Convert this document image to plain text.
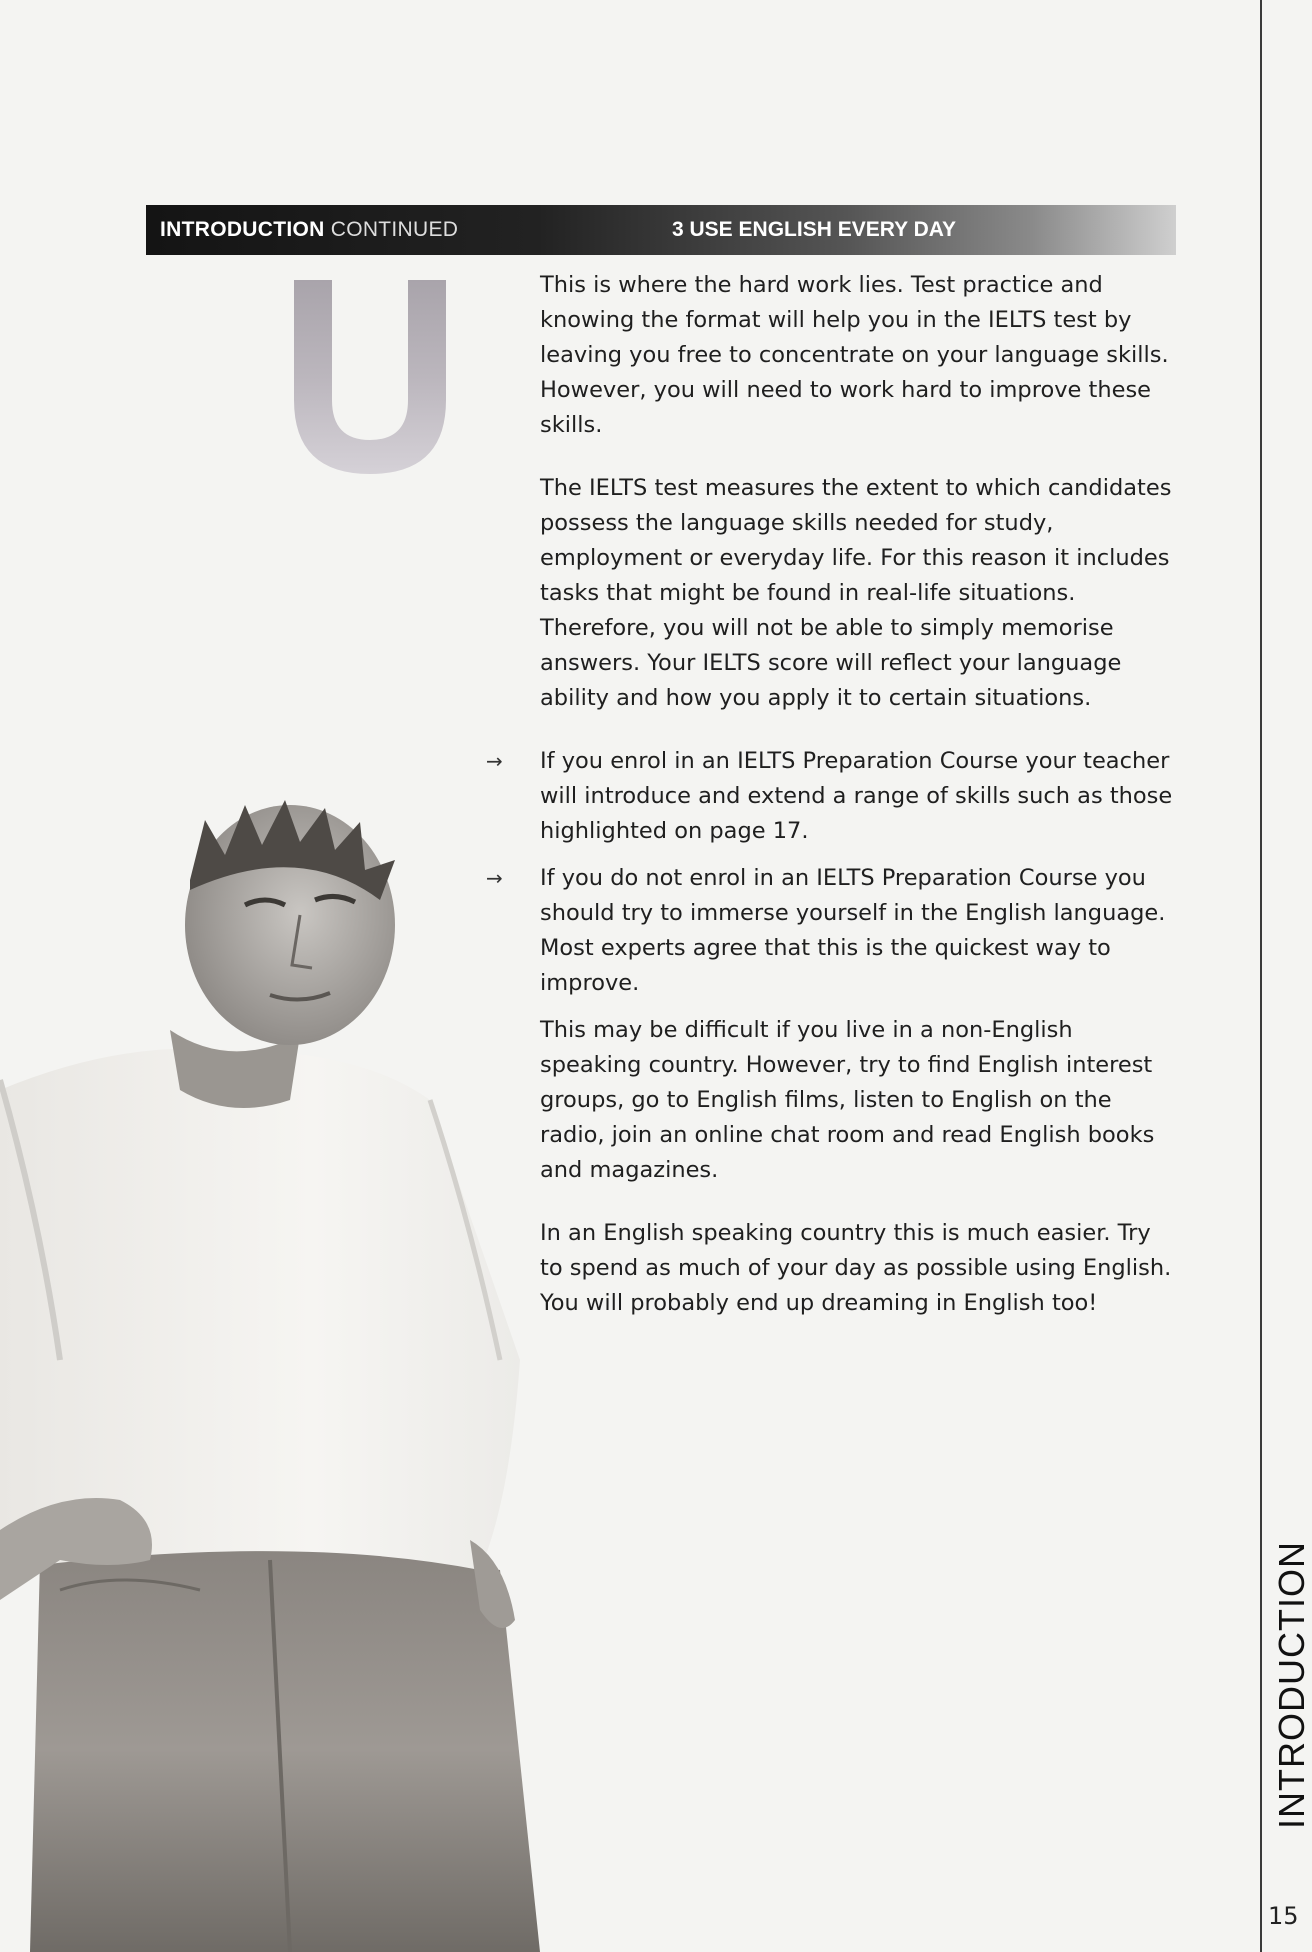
INTRODUCTION CONTINUED	3 USE ENGLISH EVERY DAY

This is where the hard work lies. Test practice and knowing the format will help you in the IELTS test by leaving you free to concentrate on your language skills. However, you will need to work hard to improve these skills.

The IELTS test measures the extent to which candidates possess the language skills needed for study, employment or everyday life. For this reason it includes tasks that might be found in real-life situations. Therefore, you will not be able to simply memorise answers. Your IELTS score will reflect your language ability and how you apply it to certain situations.

→ If you enrol in an IELTS Preparation Course your teacher will introduce and extend a range of skills such as those highlighted on page 17.
→ If you do not enrol in an IELTS Preparation Course you should try to immerse yourself in the English language. Most experts agree that this is the quickest way to improve.

This may be difficult if you live in a non-English speaking country. However, try to find English interest groups, go to English films, listen to English on the radio, join an online chat room and read English books and magazines.

In an English speaking country this is much easier. Try to spend as much of your day as possible using English. You will probably end up dreaming in English too!

INTRODUCTION
15
